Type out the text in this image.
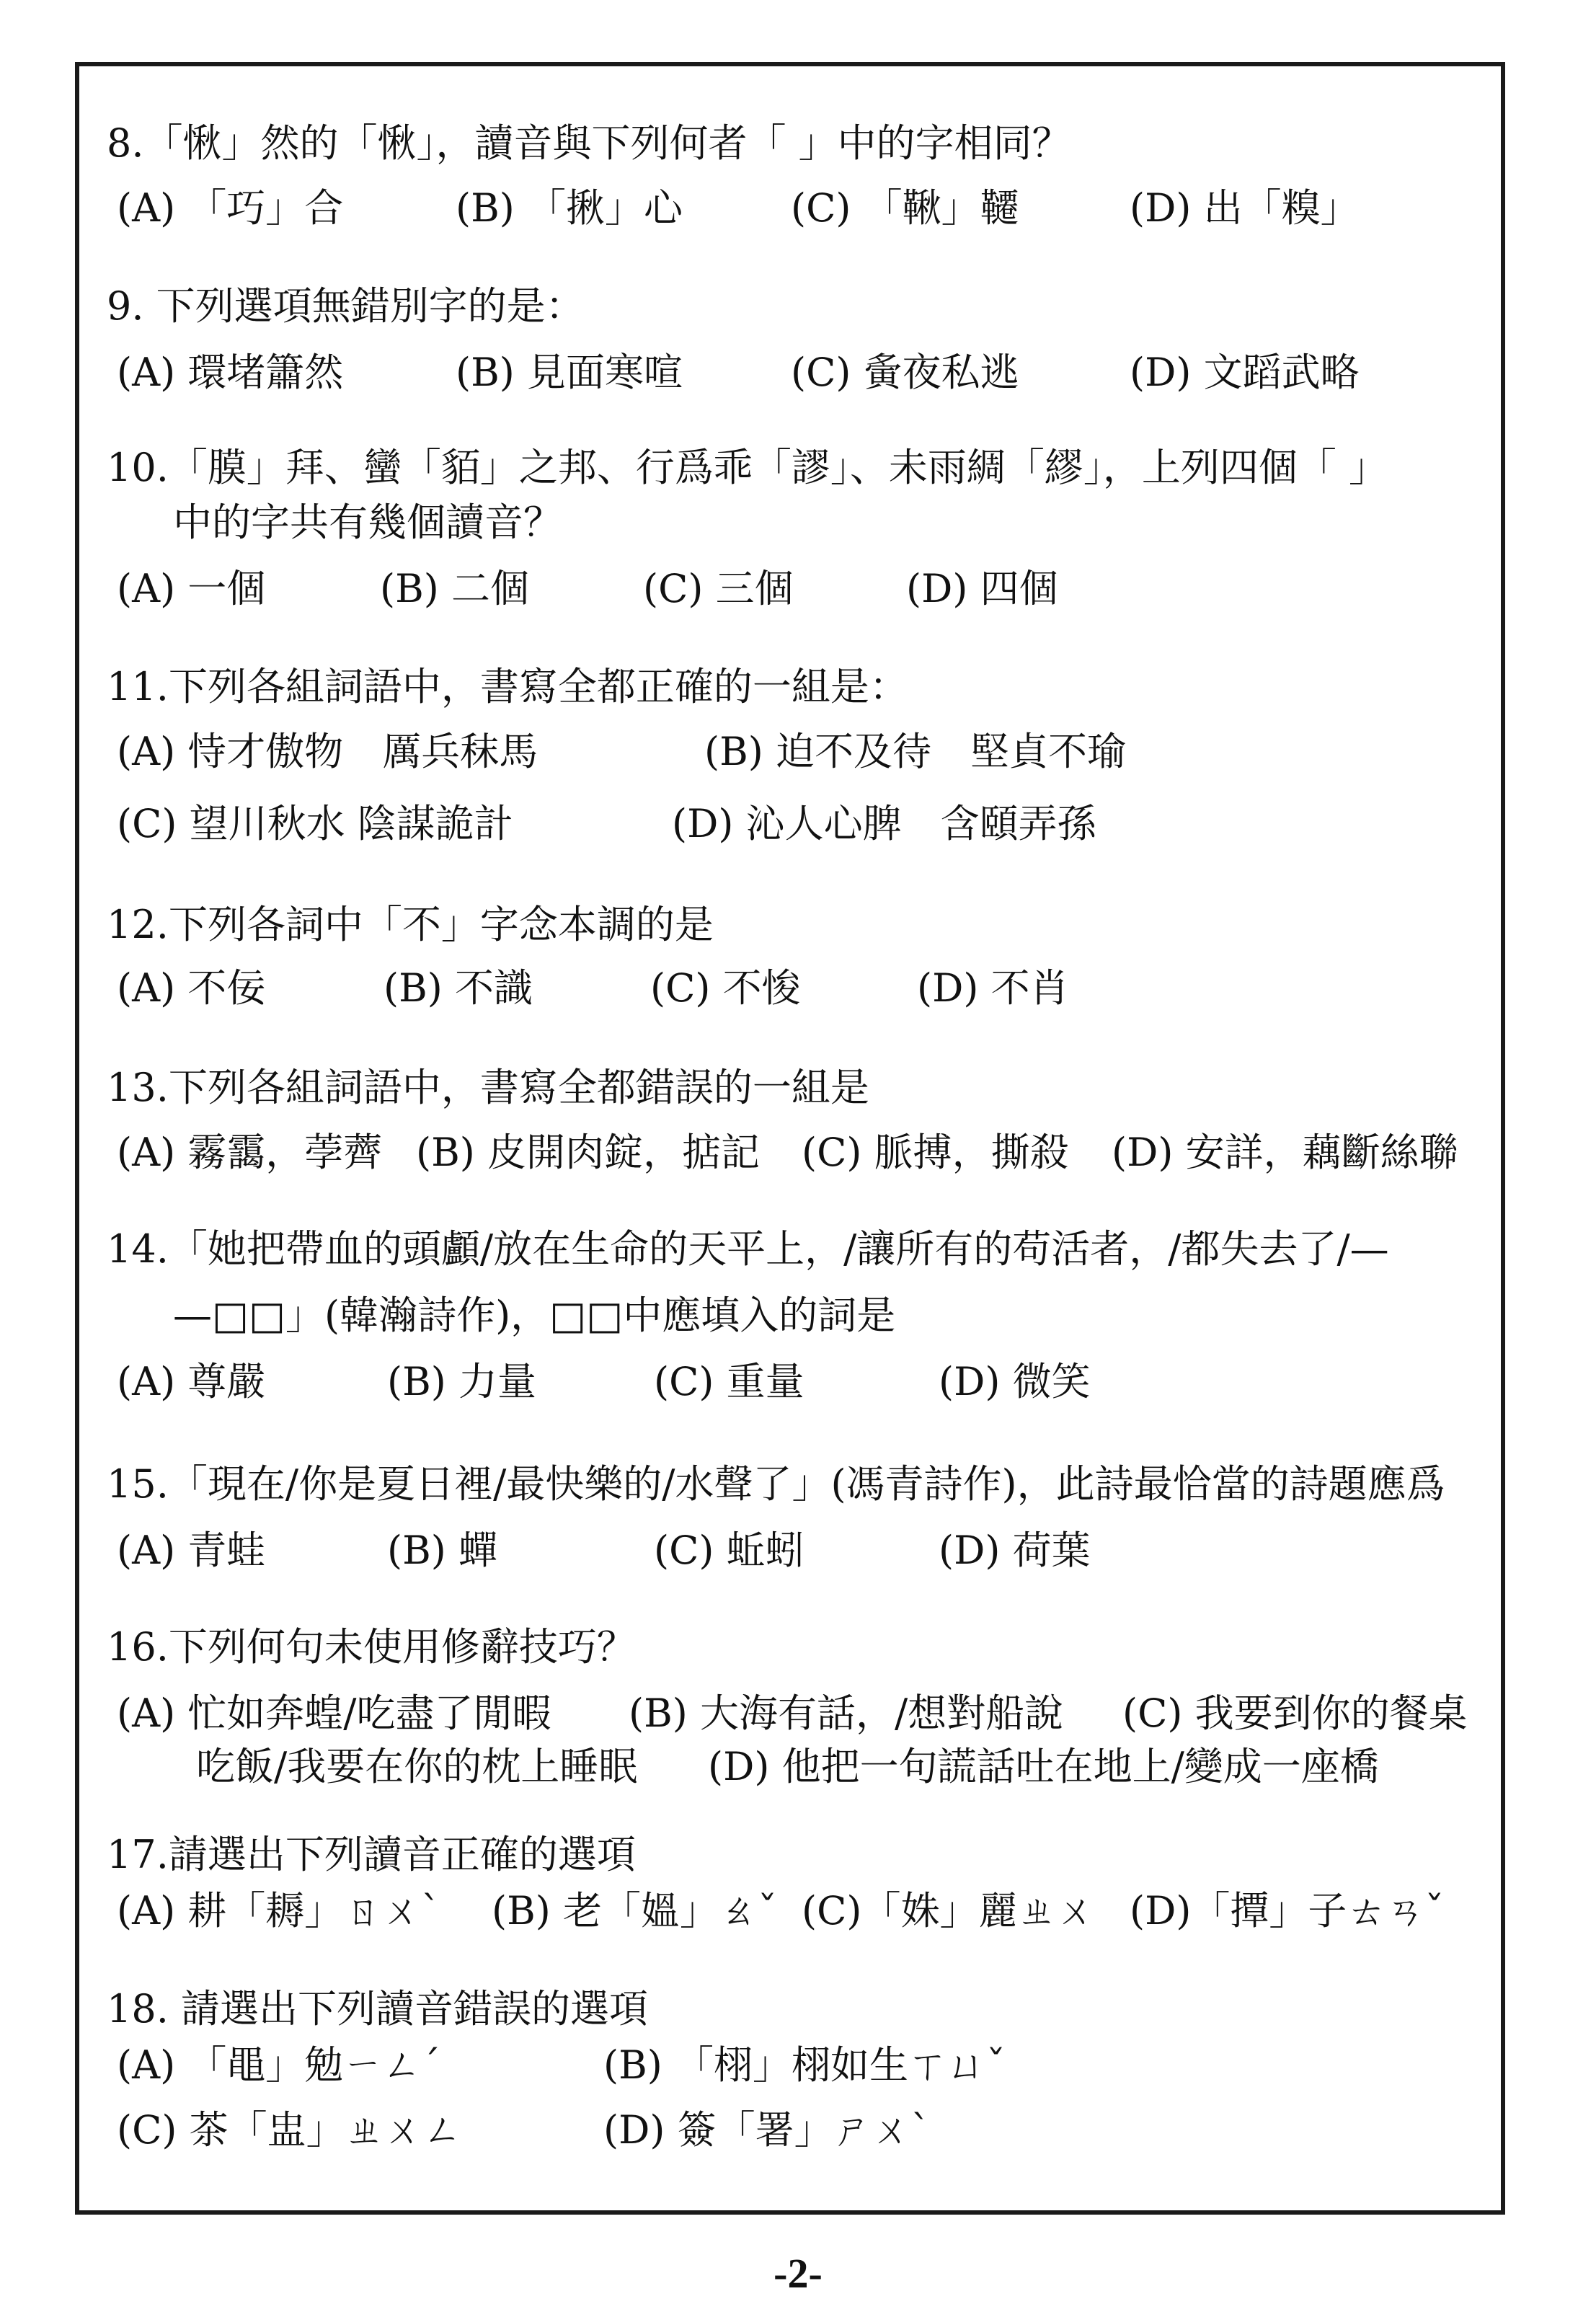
8.「愀」然的「愀」，讀音與下列何者「 」中的字相同？
(A) 「巧」合	(B) 「揪」心	(C) 「鞦」韆	(D) 出「糗」
9. 下列選項無錯別字的是：
(A) 環堵簫然	(B) 見面寒喧	(C) 夤夜私逃	(D) 文蹈武略
10.「膜」拜、蠻「貊」之邦、行爲乖「謬」、未雨綢「繆」，上列四個「 」
中的字共有幾個讀音？
(A) 一個	(B) 二個	(C) 三個	(D) 四個
11.下列各組詞語中，書寫全都正確的一組是：
(A) 恃才傲物　厲兵秣馬	(B) 迫不及待　堅貞不瑜
(C) 望川秋水 陰謀詭計	(D) 沁人心脾　含頤弄孫
12.下列各詞中「不」字念本調的是
(A) 不佞	(B) 不識	(C) 不悛	(D) 不肖
13.下列各組詞語中，書寫全都錯誤的一組是
(A) 霧靄，荸薺 (B) 皮開肉錠，掂記 (C) 脈搏，撕殺 (D) 安詳，藕斷絲聯
14.「她把帶血的頭顱/放在生命的天平上，/讓所有的苟活者，/都失去了/—
—□□」(韓瀚詩作)，□□中應填入的詞是
(A) 尊嚴	(B) 力量	(C) 重量	(D) 微笑
15.「現在/你是夏日裡/最快樂的/水聲了」(馮青詩作)，此詩最恰當的詩題應爲
(A) 青蛙	(B) 蟬	(C) 蚯蚓	(D) 荷葉
16.下列何句未使用修辭技巧？
(A) 忙如奔蝗/吃盡了閒暇 (B) 大海有話，/想對船說 (C) 我要到你的餐桌
吃飯/我要在你的枕上睡眠 (D) 他把一句謊話吐在地上/變成一座橋
17.請選出下列讀音正確的選項
(A) 耕「耨」ㄖㄨˋ (B) 老「媼」ㄠˇ (C)「姝」麗ㄓㄨ (D)「撢」子ㄊㄢˇ
18. 請選出下列讀音錯誤的選項
(A) 「黽」勉ㄧㄥˊ	(B) 「栩」栩如生ㄒㄩˇ
(C) 茶「盅」ㄓㄨㄥ	(D) 簽「署」ㄕㄨˋ
-2-
